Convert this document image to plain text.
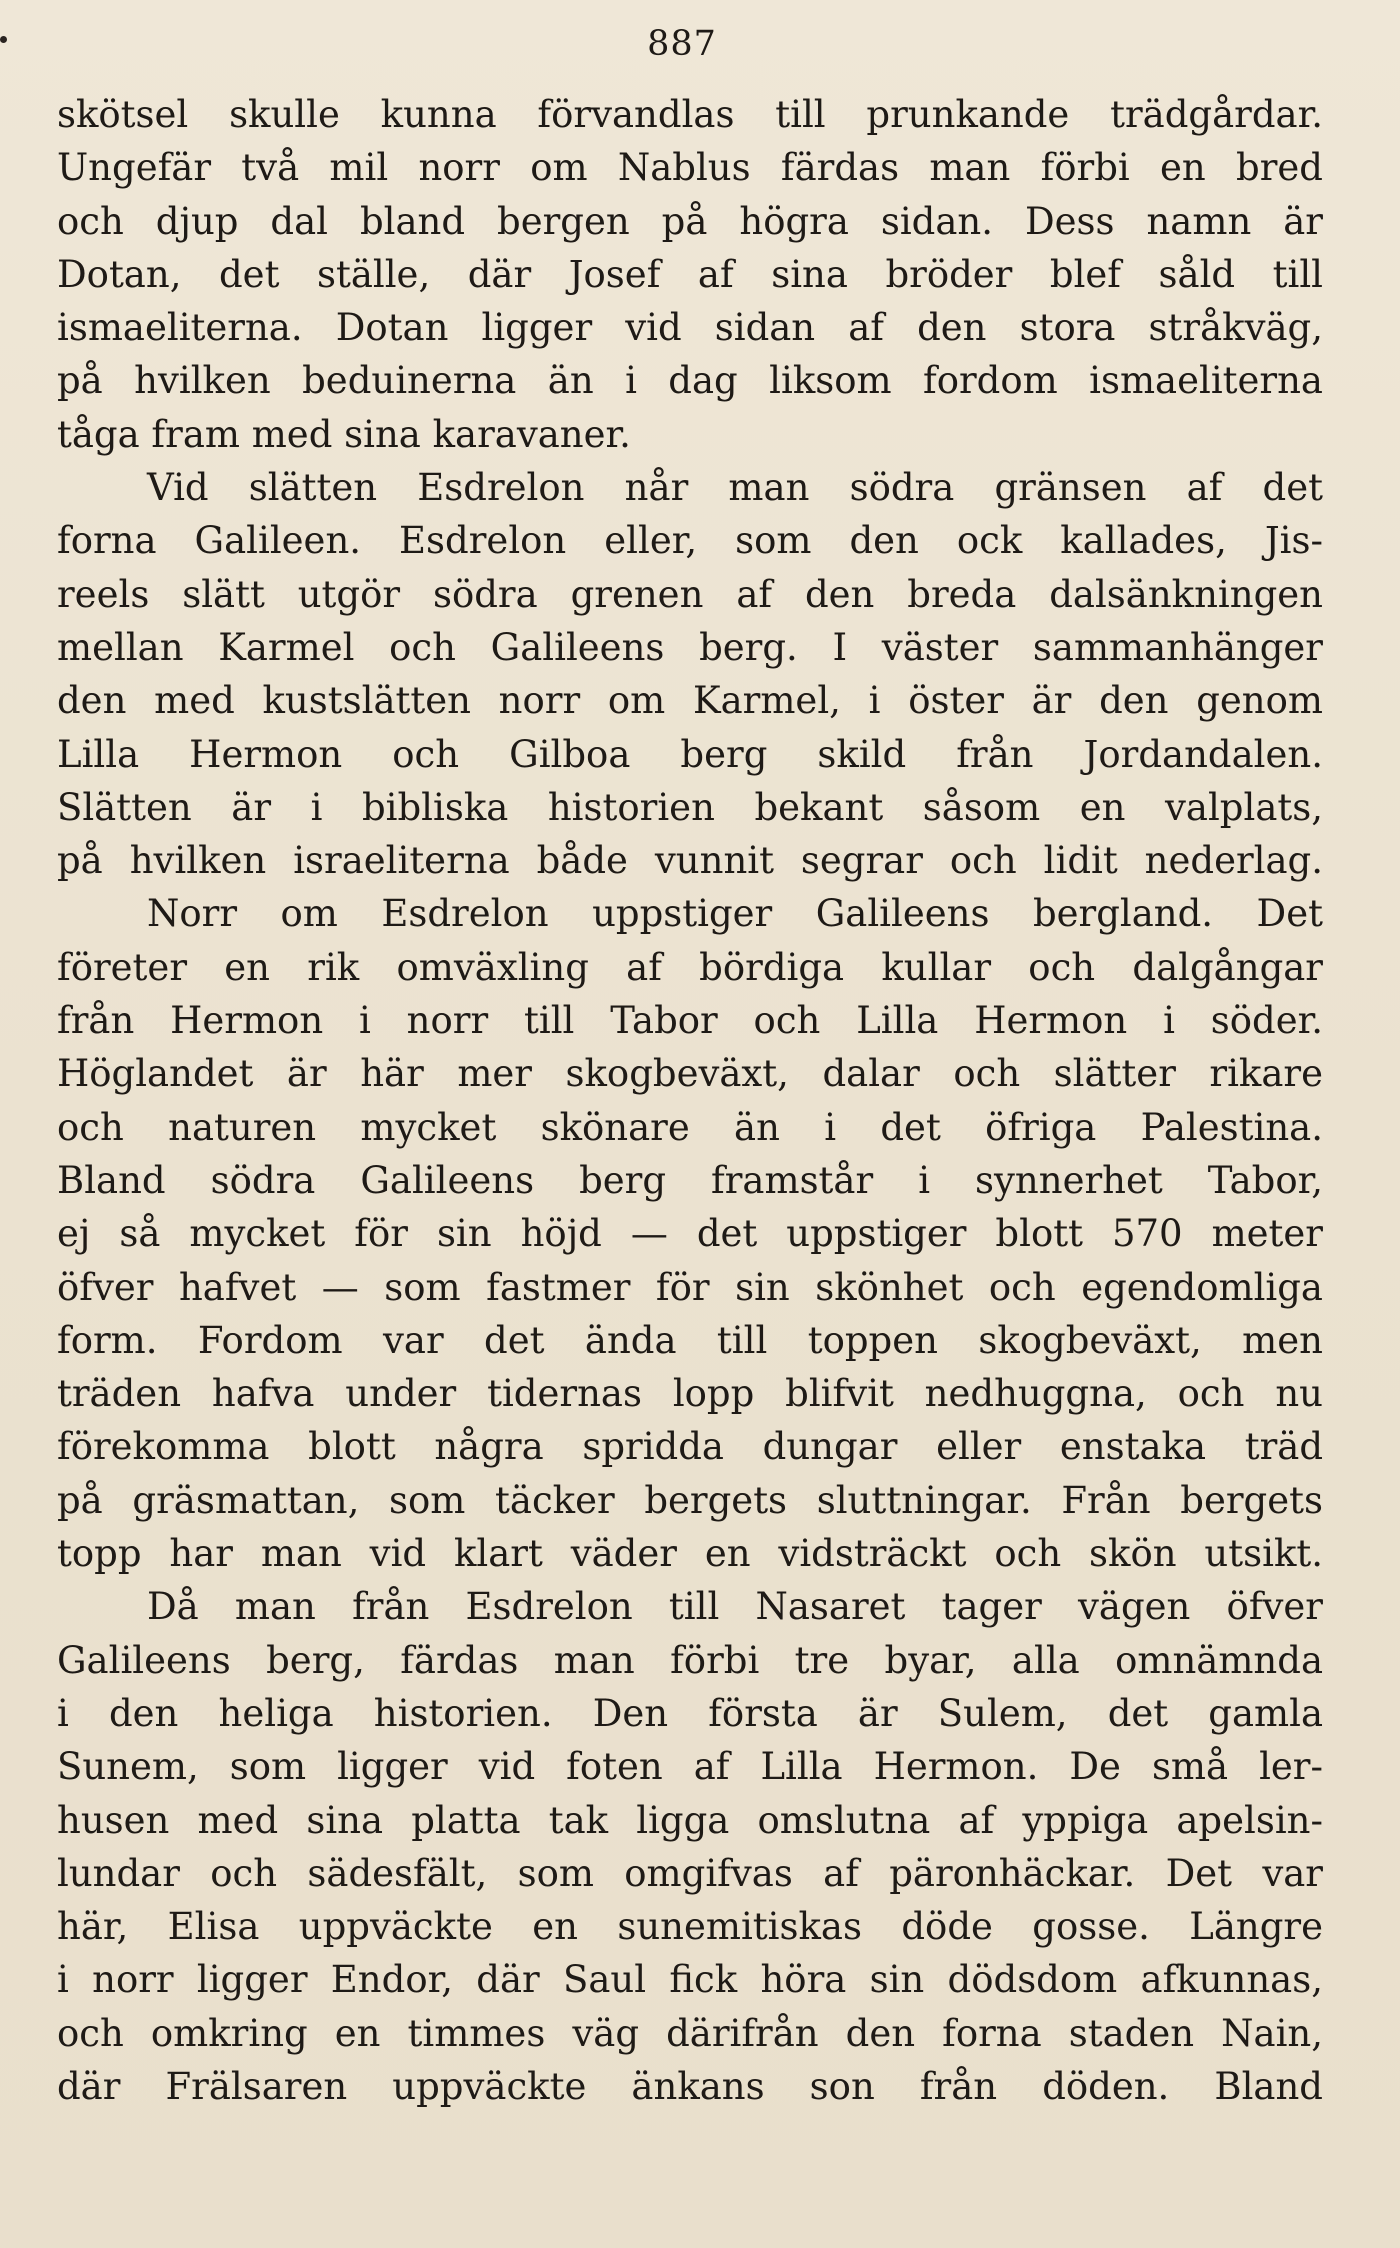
887
skötsel skulle kunna förvandlas till prunkande trädgårdar.
Ungefär två mil norr om Nablus färdas man förbi en bred
och djup dal bland bergen på högra sidan. Dess namn är
Dotan, det ställe, där Josef af sina bröder blef såld till
ismaeliterna. Dotan ligger vid sidan af den stora stråkväg,
på hvilken beduinerna än i dag liksom fordom ismaeliterna
tåga fram med sina karavaner.
Vid slätten Esdrelon når man södra gränsen af det
forna Galileen. Esdrelon eller, som den ock kallades, Jis-
reels slätt utgör södra grenen af den breda dalsänkningen
mellan Karmel och Galileens berg. I väster sammanhänger
den med kustslätten norr om Karmel, i öster är den genom
Lilla Hermon och Gilboa berg skild från Jordandalen.
Slätten är i bibliska historien bekant såsom en valplats,
på hvilken israeliterna både vunnit segrar och lidit nederlag.
Norr om Esdrelon uppstiger Galileens bergland. Det
företer en rik omväxling af bördiga kullar och dalgångar
från Hermon i norr till Tabor och Lilla Hermon i söder.
Höglandet är här mer skogbeväxt, dalar och slätter rikare
och naturen mycket skönare än i det öfriga Palestina.
Bland södra Galileens berg framstår i synnerhet Tabor,
ej så mycket för sin höjd — det uppstiger blott 570 meter
öfver hafvet — som fastmer för sin skönhet och egendomliga
form. Fordom var det ända till toppen skogbeväxt, men
träden hafva under tidernas lopp blifvit nedhuggna, och nu
förekomma blott några spridda dungar eller enstaka träd
på gräsmattan, som täcker bergets sluttningar. Från bergets
topp har man vid klart väder en vidsträckt och skön utsikt.
Då man från Esdrelon till Nasaret tager vägen öfver
Galileens berg, färdas man förbi tre byar, alla omnämnda
i den heliga historien. Den första är Sulem, det gamla
Sunem, som ligger vid foten af Lilla Hermon. De små ler-
husen med sina platta tak ligga omslutna af yppiga apelsin-
lundar och sädesfält, som omgifvas af päronhäckar. Det var
här, Elisa uppväckte en sunemitiskas döde gosse. Längre
i norr ligger Endor, där Saul fick höra sin dödsdom afkunnas,
och omkring en timmes väg därifrån den forna staden Nain,
där Frälsaren uppväckte änkans son från döden. Bland
